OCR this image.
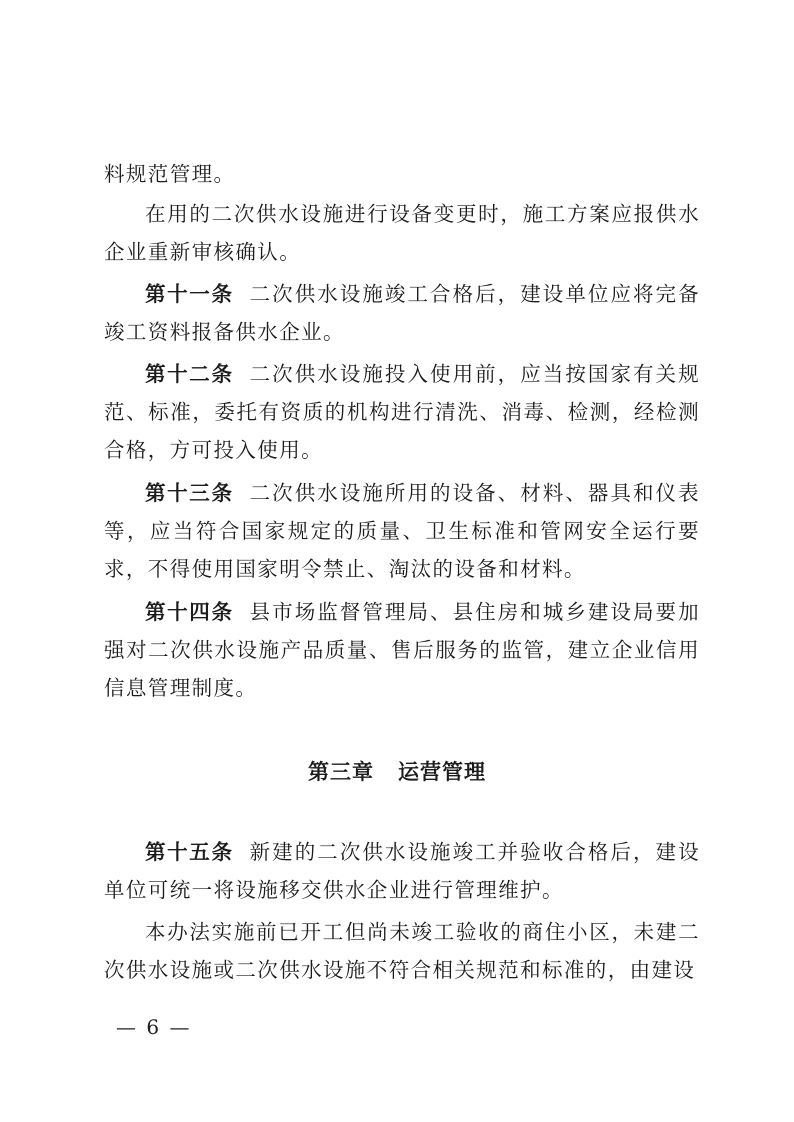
料规范管理。

在用的二次供水设施进行设备变更时，施工方案应报供水企业重新审核确认。

第十一条 二次供水设施竣工合格后，建设单位应将完备竣工资料报备供水企业。

第十二条 二次供水设施投入使用前，应当按国家有关规范、标准，委托有资质的机构进行清洗、消毒、检测，经检测合格，方可投入使用。

第十三条 二次供水设施所用的设备、材料、器具和仪表等，应当符合国家规定的质量、卫生标准和管网安全运行要求，不得使用国家明令禁止、淘汰的设备和材料。

第十四条 县市场监督管理局、县住房和城乡建设局要加强对二次供水设施产品质量、售后服务的监管，建立企业信用信息管理制度。

第三章 运营管理

第十五条 新建的二次供水设施竣工并验收合格后，建设单位可统一将设施移交供水企业进行管理维护。

本办法实施前已开工但尚未竣工验收的商住小区，未建二次供水设施或二次供水设施不符合相关规范和标准的，由建设

— 6 —
